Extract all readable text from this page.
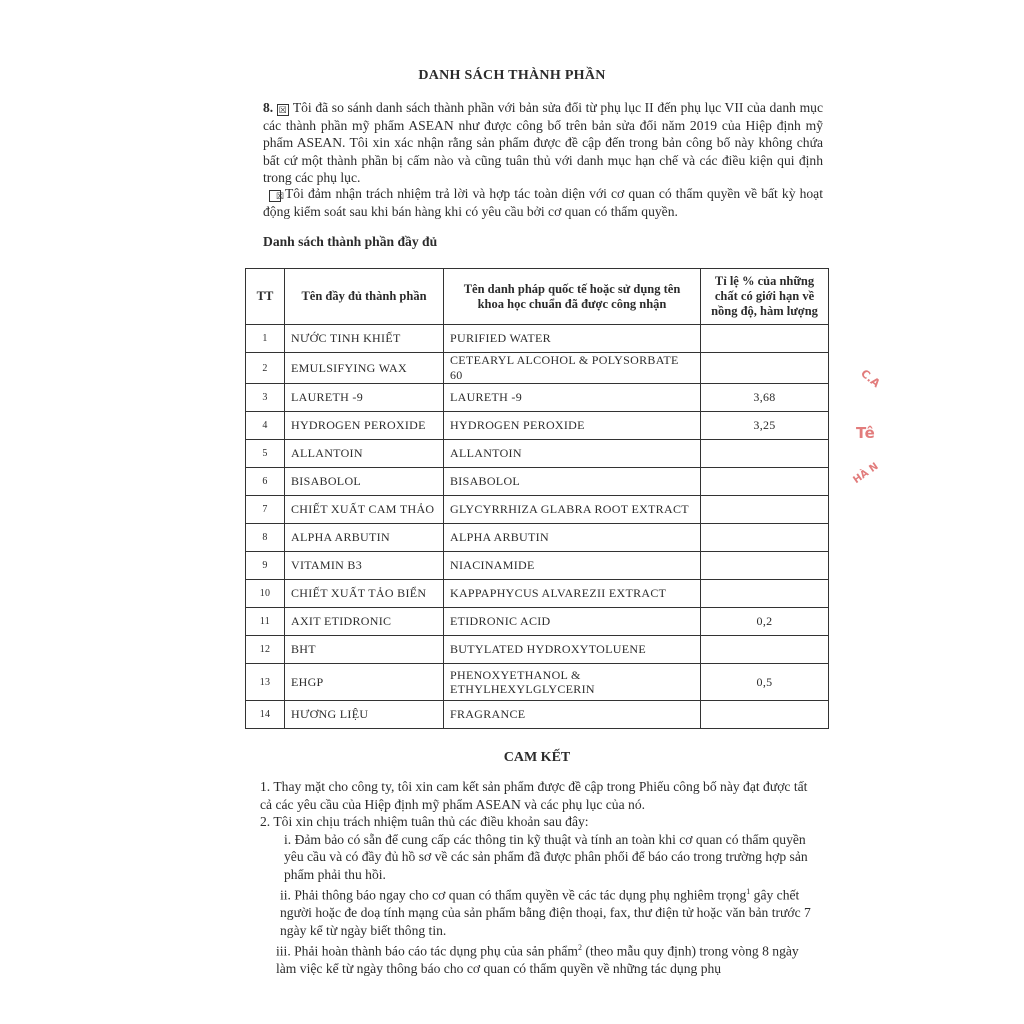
DANH SÁCH THÀNH PHẦN
8. ☒ Tôi đã so sánh danh sách thành phần với bản sửa đổi từ phụ lục II đến phụ lục VII của danh mục các thành phần mỹ phẩm ASEAN như được công bố trên bản sửa đổi năm 2019 của Hiệp định mỹ phẩm ASEAN. Tôi xin xác nhận rằng sản phẩm được đề cập đến trong bản công bố này không chứa bất cứ một thành phần bị cấm nào và cũng tuân thủ với danh mục hạn chế và các điều kiện qui định trong các phụ lục.
☒Tôi đảm nhận trách nhiệm trả lời và hợp tác toàn diện với cơ quan có thẩm quyền về bất kỳ hoạt động kiểm soát sau khi bán hàng khi có yêu cầu bởi cơ quan có thẩm quyền.
Danh sách thành phần đầy đủ
TT	Tên đầy đủ thành phần	Tên danh pháp quốc tế hoặc sử dụng tên khoa học chuẩn đã được công nhận	Tỉ lệ % của những chất có giới hạn về nồng độ, hàm lượng
1	NƯỚC TINH KHIẾT	PURIFIED WATER	
2	EMULSIFYING WAX	CETEARYL ALCOHOL & POLYSORBATE 60	
3	LAURETH -9	LAURETH -9	3,68
4	HYDROGEN PEROXIDE	HYDROGEN PEROXIDE	3,25
5	ALLANTOIN	ALLANTOIN	
6	BISABOLOL	BISABOLOL	
7	CHIẾT XUẤT CAM THẢO	GLYCYRRHIZA GLABRA ROOT EXTRACT	
8	ALPHA ARBUTIN	ALPHA ARBUTIN	
9	VITAMIN B3	NIACINAMIDE	
10	CHIẾT XUẤT TẢO BIỂN	KAPPAPHYCUS ALVAREZII EXTRACT	
11	AXIT ETIDRONIC	ETIDRONIC ACID	0,2
12	BHT	BUTYLATED HYDROXYTOLUENE	
13	EHGP	PHENOXYETHANOL & ETHYLHEXYLGLYCERIN	0,5
14	HƯƠNG LIỆU	FRAGRANCE	
CAM KẾT
1. Thay mặt cho công ty, tôi xin cam kết sản phẩm được đề cập trong Phiếu công bố này đạt được tất cả các yêu cầu của Hiệp định mỹ phẩm ASEAN và các phụ lục của nó.
2. Tôi xin chịu trách nhiệm tuân thủ các điều khoản sau đây:
i. Đảm bảo có sẵn để cung cấp các thông tin kỹ thuật và tính an toàn khi cơ quan có thẩm quyền yêu cầu và có đầy đủ hồ sơ về các sản phẩm đã được phân phối để báo cáo trong trường hợp sản phẩm phải thu hồi.
ii. Phải thông báo ngay cho cơ quan có thẩm quyền về các tác dụng phụ nghiêm trọng$^1$ gây chết người hoặc đe doạ tính mạng của sản phẩm bằng điện thoại, fax, thư điện tử hoặc văn bản trước 7 ngày kể từ ngày biết thông tin.
iii. Phải hoàn thành báo cáo tác dụng phụ của sản phẩm$^2$ (theo mẫu quy định) trong vòng 8 ngày làm việc kể từ ngày thông báo cho cơ quan có thẩm quyền về những tác dụng phụ
C.A
Tê
HÀ N
